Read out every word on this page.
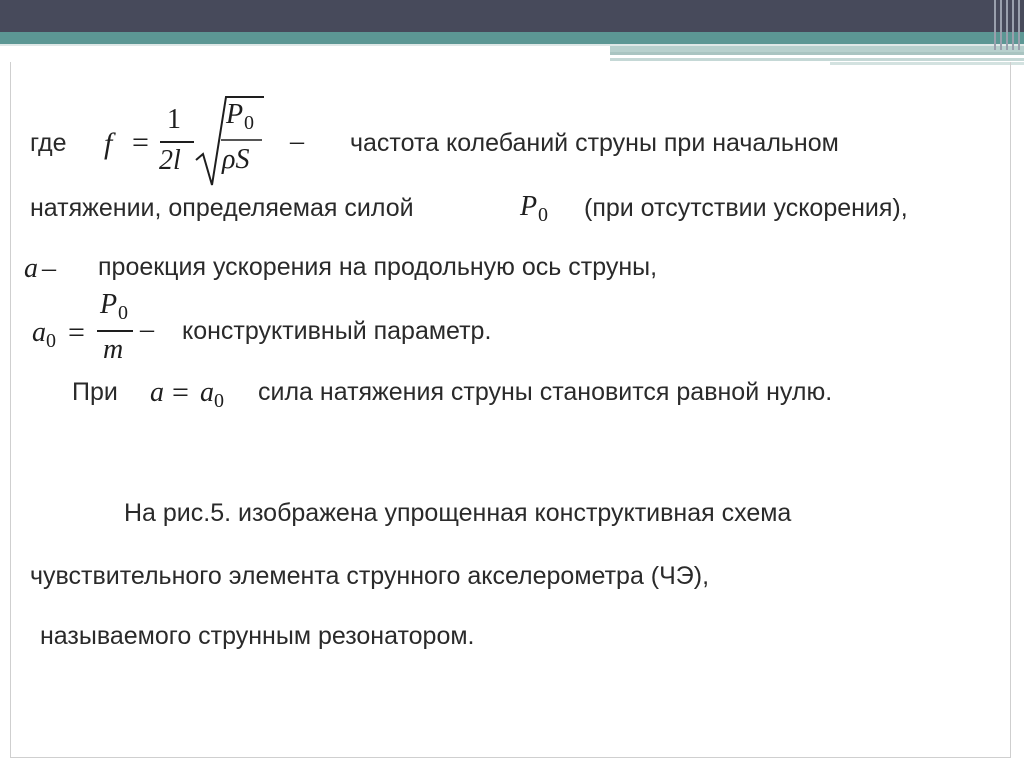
где f =
1
2l
P 0
ρS
– частота колебаний струны при начальном
натяжении, определяемая силой	P 0 (при отсутствии ускорения),
a – проекция ускорения на продольную ось струны,
a 0 =
P 0
m
– конструктивный параметр.
При a = a 0 сила натяжения струны становится равной нулю.
На рис.5. изображена упрощенная конструктивная схема
чувствительного элемента струнного акселерометра (ЧЭ),
называемого струнным резонатором.
